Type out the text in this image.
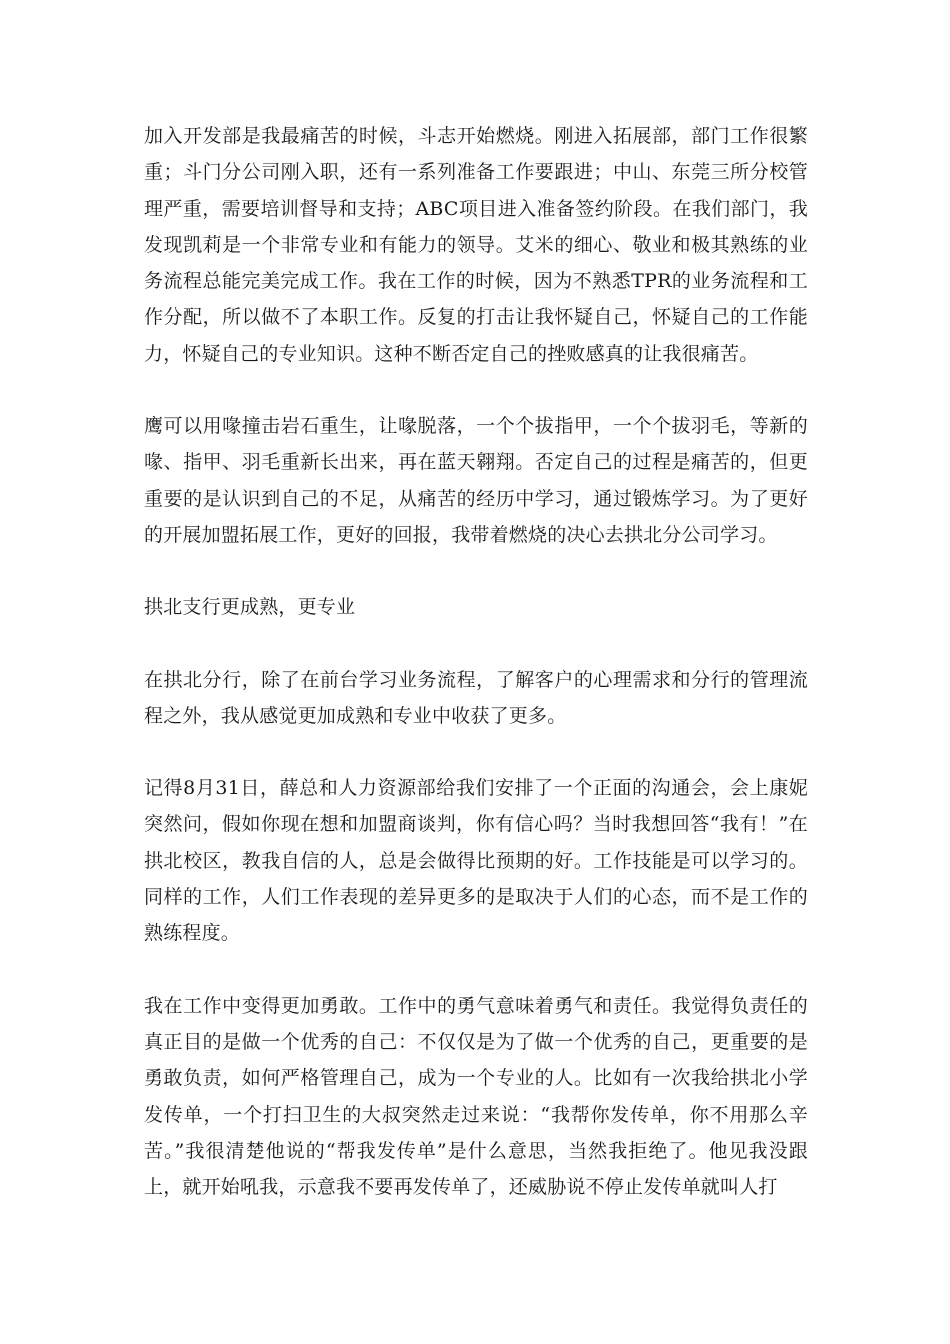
加入开发部是我最痛苦的时候，斗志开始燃烧。刚进入拓展部，部门工作很繁重；斗门分公司刚入职，还有一系列准备工作要跟进；中山、东莞三所分校管理严重，需要培训督导和支持；ABC项目进入准备签约阶段。在我们部门，我发现凯莉是一个非常专业和有能力的领导。艾米的细心、敬业和极其熟练的业务流程总能完美完成工作。我在工作的时候，因为不熟悉TPR的业务流程和工作分配，所以做不了本职工作。反复的打击让我怀疑自己，怀疑自己的工作能力，怀疑自己的专业知识。这种不断否定自己的挫败感真的让我很痛苦。

鹰可以用喙撞击岩石重生，让喙脱落，一个个拔指甲，一个个拔羽毛，等新的喙、指甲、羽毛重新长出来，再在蓝天翱翔。否定自己的过程是痛苦的，但更重要的是认识到自己的不足，从痛苦的经历中学习，通过锻炼学习。为了更好的开展加盟拓展工作，更好的回报，我带着燃烧的决心去拱北分公司学习。

拱北支行更成熟，更专业

在拱北分行，除了在前台学习业务流程，了解客户的心理需求和分行的管理流程之外，我从感觉更加成熟和专业中收获了更多。

记得8月31日，薛总和人力资源部给我们安排了一个正面的沟通会，会上康妮突然问，假如你现在想和加盟商谈判，你有信心吗？当时我想回答“我有！”在拱北校区，教我自信的人，总是会做得比预期的好。工作技能是可以学习的。同样的工作，人们工作表现的差异更多的是取决于人们的心态，而不是工作的熟练程度。

我在工作中变得更加勇敢。工作中的勇气意味着勇气和责任。我觉得负责任的真正目的是做一个优秀的自己：不仅仅是为了做一个优秀的自己，更重要的是勇敢负责，如何严格管理自己，成为一个专业的人。比如有一次我给拱北小学发传单，一个打扫卫生的大叔突然走过来说：“我帮你发传单，你不用那么辛苦。”我很清楚他说的“帮我发传单”是什么意思，当然我拒绝了。他见我没跟上，就开始吼我，示意我不要再发传单了，还威胁说不停止发传单就叫人打
